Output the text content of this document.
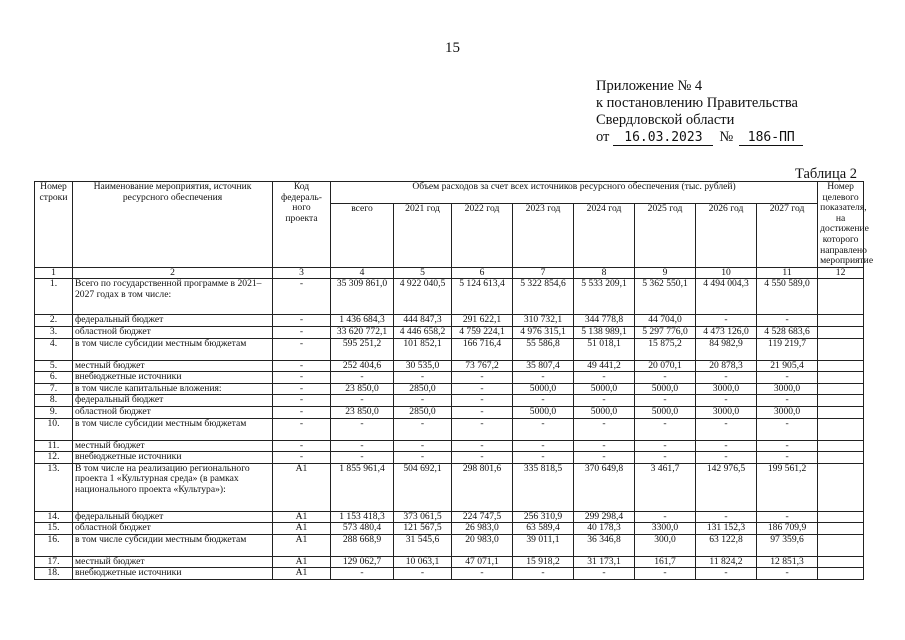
15
Приложение № 4
к постановлению Правительства
Свердловской области
от 16.03.2023 № 186-ПП
Таблица 2
Номер строки	Наименование мероприятия, источник ресурсного обеспечения	Код федераль-ного проекта	Объем расходов за счет всех источников ресурсного обеспечения (тыс. рублей)								Номер целевого показателя, на достижение которого направлено мероприятие
			всего	2021 год	2022 год	2023 год	2024 год	2025 год	2026 год	2027 год	
1	2	3	4	5	6	7	8	9	10	11	12
1.	Всего по государственной программе в 2021–2027 годах в том числе:	-	35 309 861,0	4 922 040,5	5 124 613,4	5 322 854,6	5 533 209,1	5 362 550,1	4 494 004,3	4 550 589,0	
2.	федеральный бюджет	-	1 436 684,3	444 847,3	291 622,1	310 732,1	344 778,8	44 704,0	-	-	
3.	областной бюджет	-	33 620 772,1	4 446 658,2	4 759 224,1	4 976 315,1	5 138 989,1	5 297 776,0	4 473 126,0	4 528 683,6	
4.	в том числе субсидии местным бюджетам	-	595 251,2	101 852,1	166 716,4	55 586,8	51 018,1	15 875,2	84 982,9	119 219,7	
5.	местный бюджет	-	252 404,6	30 535,0	73 767,2	35 807,4	49 441,2	20 070,1	20 878,3	21 905,4	
6.	внебюджетные источники	-	-	-	-	-	-	-	-	-	
7.	в том числе капитальные вложения:	-	23 850,0	2850,0	-	5000,0	5000,0	5000,0	3000,0	3000,0	
8.	федеральный бюджет	-	-	-	-	-	-	-	-	-	
9.	областной бюджет	-	23 850,0	2850,0	-	5000,0	5000,0	5000,0	3000,0	3000,0	
10.	в том числе субсидии местным бюджетам	-	-	-	-	-	-	-	-	-	
11.	местный бюджет	-	-	-	-	-	-	-	-	-	
12.	внебюджетные источники	-	-	-	-	-	-	-	-	-	
13.	В том числе на реализацию регионального проекта 1 «Культурная среда» (в рамках национального проекта «Культура»):	А1	1 855 961,4	504 692,1	298 801,6	335 818,5	370 649,8	3 461,7	142 976,5	199 561,2	
14.	федеральный бюджет	А1	1 153 418,3	373 061,5	224 747,5	256 310,9	299 298,4	-	-	-	
15.	областной бюджет	А1	573 480,4	121 567,5	26 983,0	63 589,4	40 178,3	3300,0	131 152,3	186 709,9	
16.	в том числе субсидии местным бюджетам	А1	288 668,9	31 545,6	20 983,0	39 011,1	36 346,8	300,0	63 122,8	97 359,6	
17.	местный бюджет	А1	129 062,7	10 063,1	47 071,1	15 918,2	31 173,1	161,7	11 824,2	12 851,3	
18.	внебюджетные источники	А1	-	-	-	-	-	-	-	-	
